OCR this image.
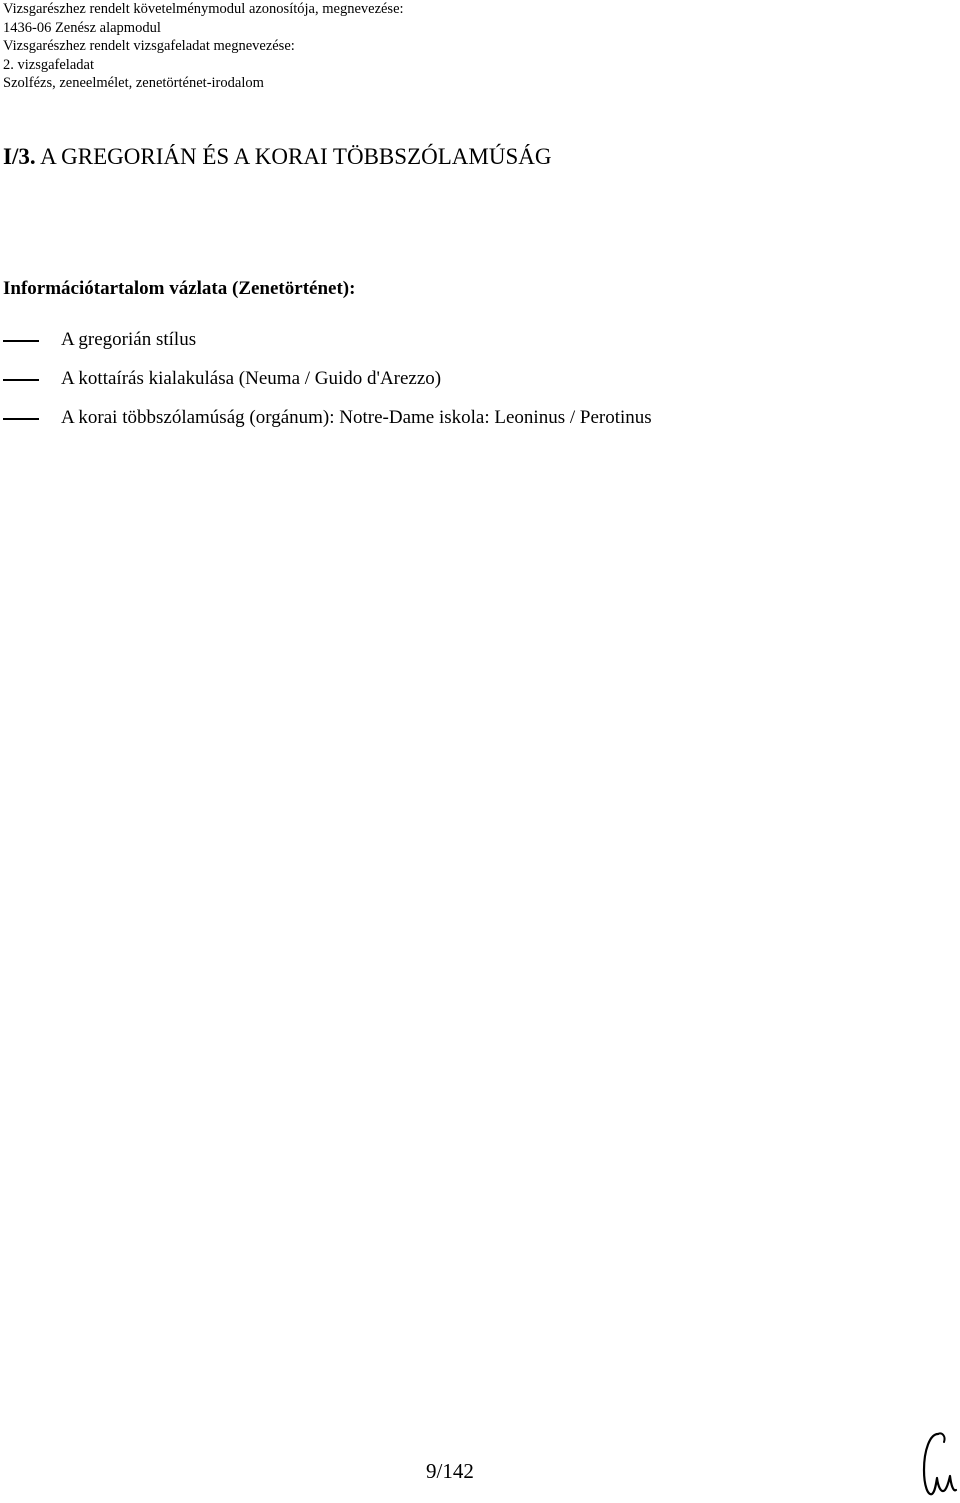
Vizsgarészhez rendelt követelménymodul azonosítója, megnevezése:
1436-06 Zenész alapmodul
Vizsgarészhez rendelt vizsgafeladat megnevezése:
2. vizsgafeladat
Szolfézs, zeneelmélet, zenetörténet-irodalom
I/3. A GREGORIÁN ÉS A KORAI TÖBBSZÓLAMÚSÁG
Információtartalom vázlata (Zenetörténet):
A gregorián stílus
A kottaírás kialakulása (Neuma / Guido d'Arezzo)
A korai többszólamúság (orgánum): Notre-Dame iskola: Leoninus / Perotinus
9/142
